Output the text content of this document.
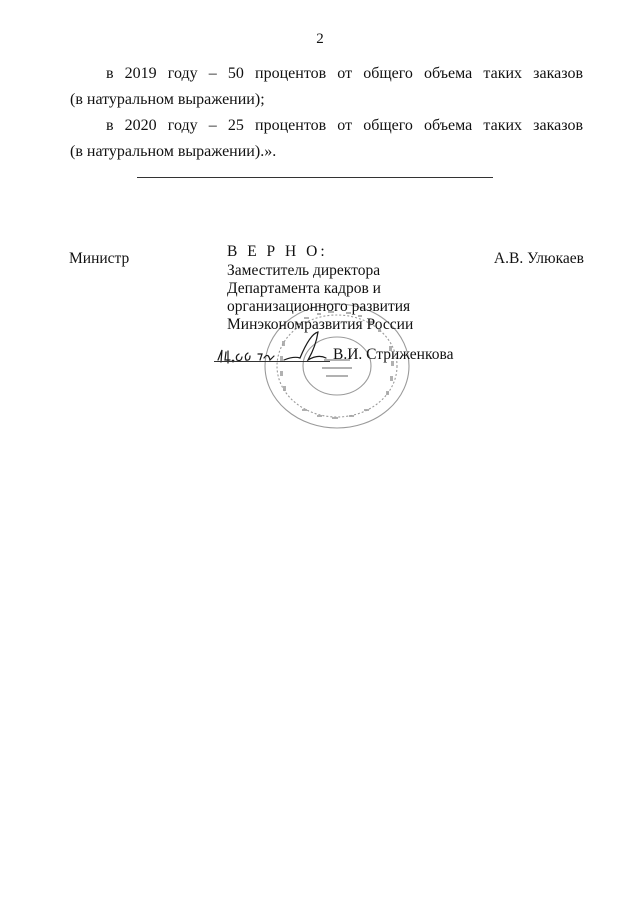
2
в 2019 году – 50 процентов от общего объема таких заказов
(в натуральном выражении);
в 2020 году – 25 процентов от общего объема таких заказов
(в натуральном выражении).».
Министр	А.В. Улюкаев
В Е Р Н О:
Заместитель директора
Департамента кадров и
организационного развития
Минэкономразвития России
В.И. Стриженкова
